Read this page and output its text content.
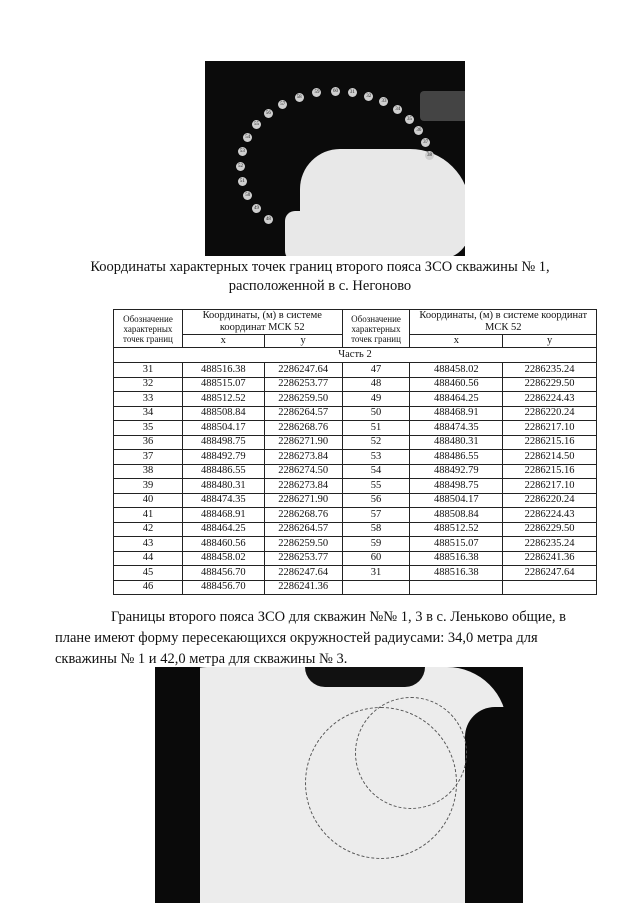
60	31
32
33
34
35
36
37
38
59
58
57
56
55
54
53
52
51
50
49
48
Координаты характерных точек границ второго пояса ЗСО скважины № 1,
расположенной в с. Негоново
Обозначение характерных точек границ	Координаты, (м) в системе координат МСК 52		Обозначение характерных точек границ	Координаты, (м) в системе координат МСК 52	
	x	у		x	у
Часть 2					
31	488516.38	2286247.64	47	488458.02	2286235.24
32	488515.07	2286253.77	48	488460.56	2286229.50
33	488512.52	2286259.50	49	488464.25	2286224.43
34	488508.84	2286264.57	50	488468.91	2286220.24
35	488504.17	2286268.76	51	488474.35	2286217.10
36	488498.75	2286271.90	52	488480.31	2286215.16
37	488492.79	2286273.84	53	488486.55	2286214.50
38	488486.55	2286274.50	54	488492.79	2286215.16
39	488480.31	2286273.84	55	488498.75	2286217.10
40	488474.35	2286271.90	56	488504.17	2286220.24
41	488468.91	2286268.76	57	488508.84	2286224.43
42	488464.25	2286264.57	58	488512.52	2286229.50
43	488460.56	2286259.50	59	488515.07	2286235.24
44	488458.02	2286253.77	60	488516.38	2286241.36
45	488456.70	2286247.64	31	488516.38	2286247.64
46	488456.70	2286241.36			
Границы второго пояса ЗСО для скважин №№ 1, 3 в с. Леньково общие, в
плане имеют форму пересекающихся окружностей радиусами: 34,0 метра для
скважины № 1 и 42,0 метра для скважины № 3.
